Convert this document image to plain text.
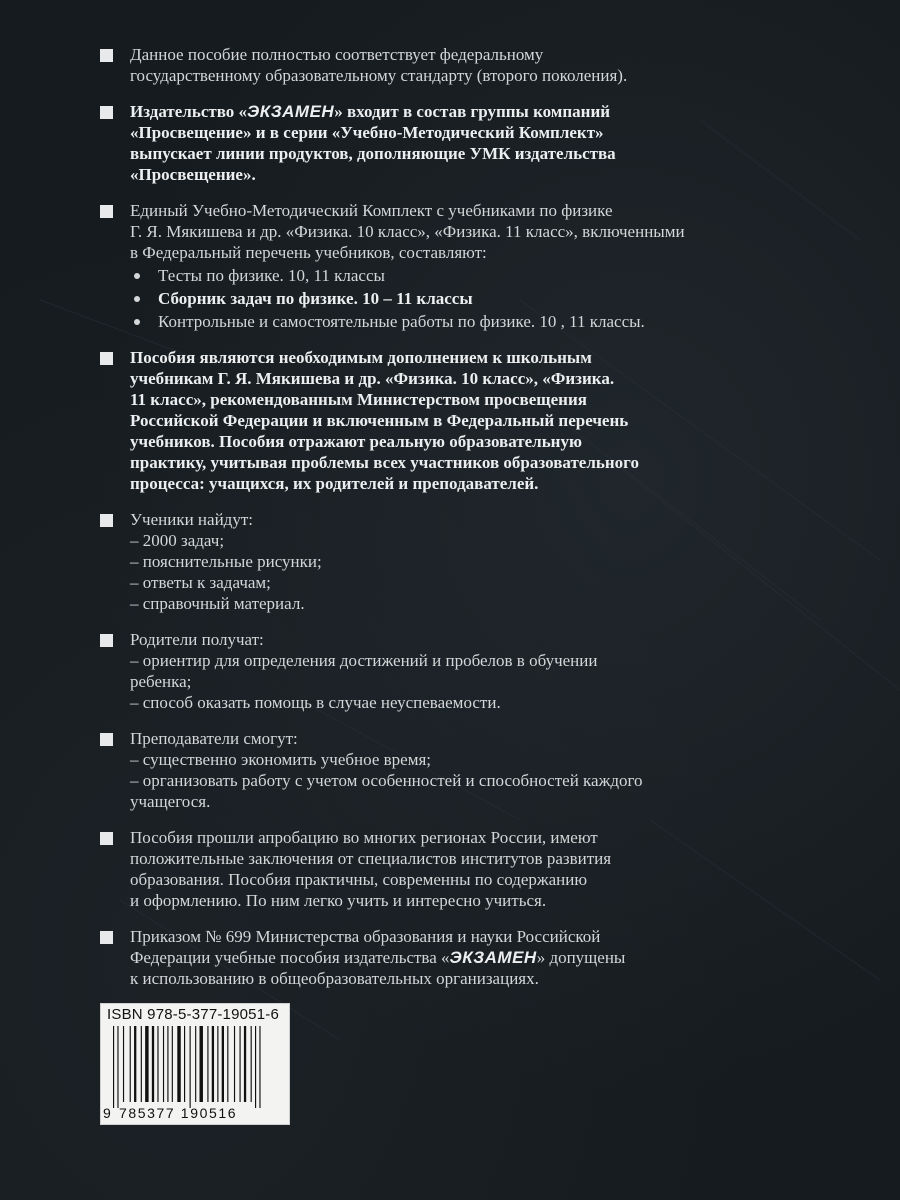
Данное пособие полностью соответствует федеральному
государственному образовательному стандарту (второго поколения).
Издательство «ЭКЗАМЕН» входит в состав группы компаний
«Просвещение» и в серии «Учебно-Методический Комплект»
выпускает линии продуктов, дополняющие УМК издательства
«Просвещение».
Единый Учебно-Методический Комплект с учебниками по физике
Г. Я. Мякишева и др. «Физика. 10 класс», «Физика. 11 класс», включенными
в Федеральный перечень учебников, составляют:
Тесты по физике. 10, 11 классы
Сборник задач по физике. 10 – 11 классы
Контрольные и самостоятельные работы по физике. 10 , 11 классы.
Пособия являются необходимым дополнением к школьным
учебникам Г. Я. Мякишева и др. «Физика. 10 класс», «Физика.
11 класс», рекомендованным Министерством просвещения
Российской Федерации и включенным в Федеральный перечень
учебников. Пособия отражают реальную образовательную
практику, учитывая проблемы всех участников образовательного
процесса: учащихся, их родителей и преподавателей.
Ученики найдут:
– 2000 задач;
– пояснительные рисунки;
– ответы к задачам;
– справочный материал.
Родители получат:
– ориентир для определения достижений и пробелов в обучении
ребенка;
– способ оказать помощь в случае неуспеваемости.
Преподаватели смогут:
– существенно экономить учебное время;
– организовать работу с учетом особенностей и способностей каждого
учащегося.
Пособия прошли апробацию во многих регионах России, имеют
положительные заключения от специалистов институтов развития
образования. Пособия практичны, современны по содержанию
и оформлению. По ним легко учить и интересно учиться.
Приказом № 699 Министерства образования и науки Российской
Федерации учебные пособия издательства «ЭКЗАМЕН» допущены
к использованию в общеобразовательных организациях.
ISBN 978-5-377-19051-6
9 785377 190516
